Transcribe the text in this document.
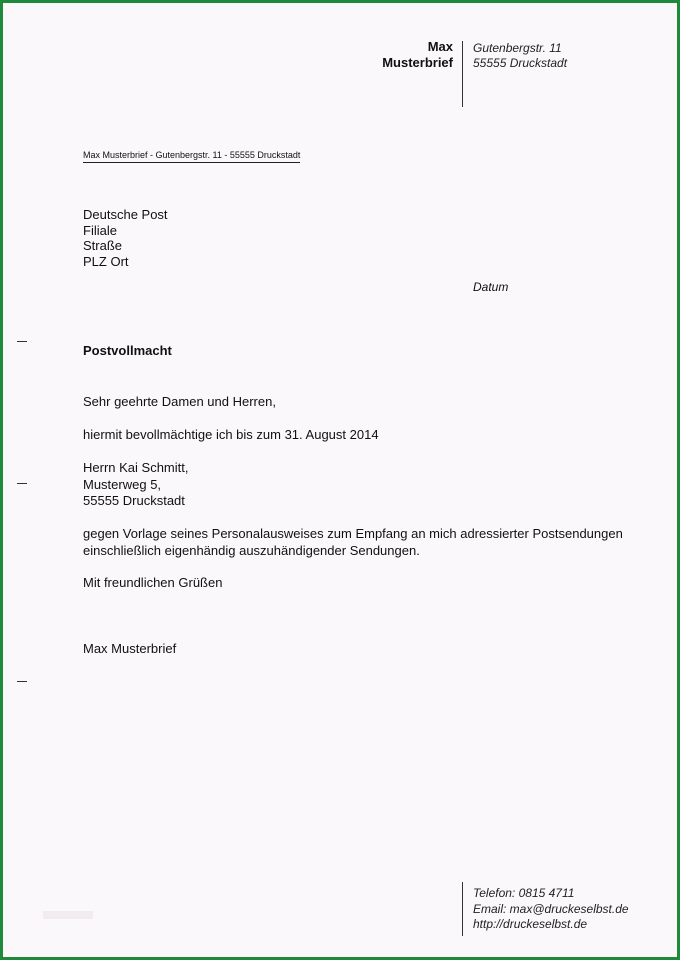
Max
Musterbrief
Gutenbergstr. 11
55555 Druckstadt
Max Musterbrief - Gutenbergstr. 11 - 55555 Druckstadt
Deutsche Post
Filiale
Straße
PLZ Ort
Datum
Postvollmacht
Sehr geehrte Damen und Herren,
hiermit bevollmächtige ich bis zum 31. August 2014
Herrn Kai Schmitt,
Musterweg 5,
55555 Druckstadt
gegen Vorlage seines Personalausweises zum Empfang an mich adressierter Postsendungen
einschließlich eigenhändig auszuhändigender Sendungen.
Mit freundlichen Grüßen
Max Musterbrief
Telefon: 0815 4711
Email: max@druckeselbst.de
http://druckeselbst.de
